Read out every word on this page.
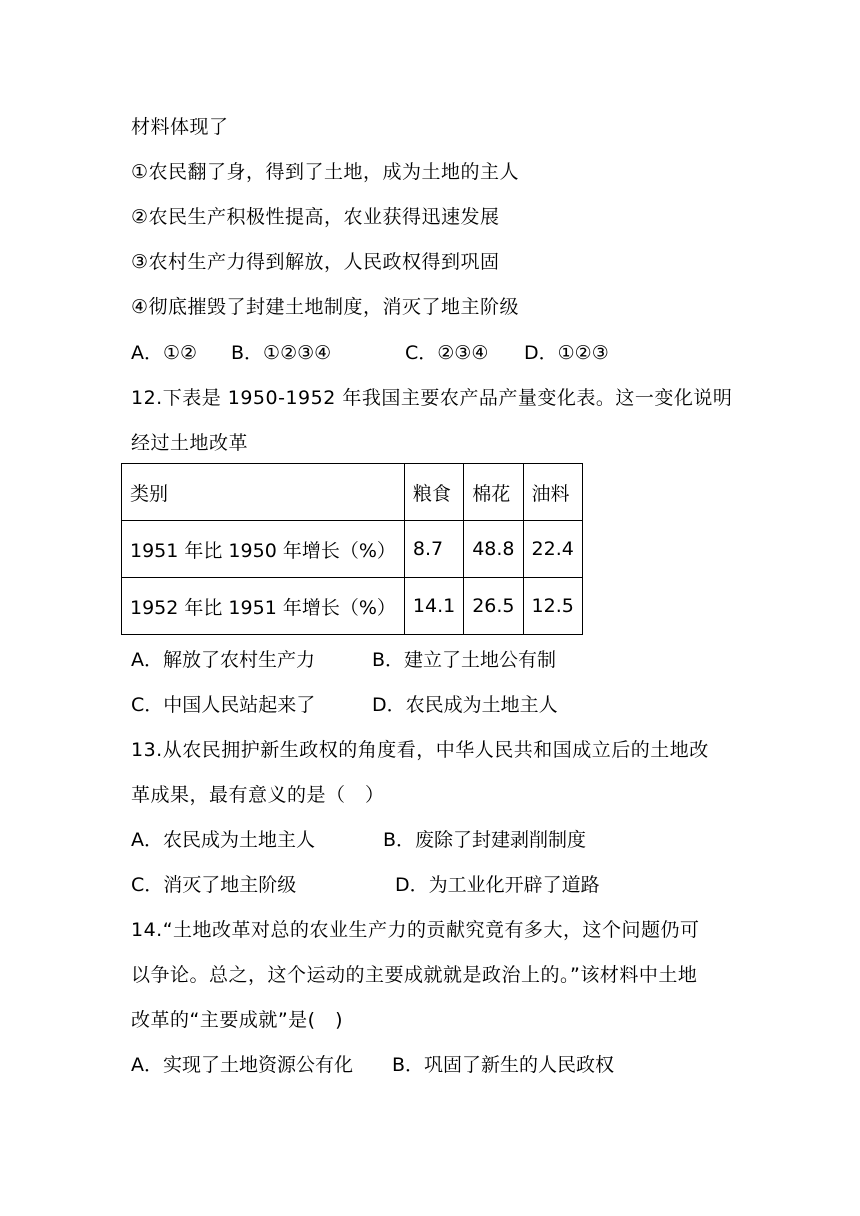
材料体现了

①农民翻了身，得到了土地，成为土地的主人

②农民生产积极性提高，农业获得迅速发展

③农村生产力得到解放，人民政权得到巩固

④彻底摧毁了封建土地制度，消灭了地主阶级

A．①② B．①②③④	C．②③④ D．①②③

12.下表是 1950-1952 年我国主要农产品产量变化表。这一变化说明

经过土地改革

类别	粮食	棉花	油料
1951 年比 1950 年增长（%）	8.7	48.8	22.4
1952 年比 1951 年增长（%）	14.1	26.5	12.5
A．解放了农村生产力	B．建立了土地公有制
C．中国人民站起来了	D．农民成为土地主人

13.从农民拥护新生政权的角度看，中华人民共和国成立后的土地改

革成果，最有意义的是（　）

A．农民成为土地主人	B．废除了封建剥削制度
C．消灭了地主阶级	D．为工业化开辟了道路

14.“土地改革对总的农业生产力的贡献究竟有多大，这个问题仍可

以争论。总之，这个运动的主要成就就是政治上的。”该材料中土地

改革的“主要成就”是(　)

A．实现了土地资源公有化 B．巩固了新生的人民政权
